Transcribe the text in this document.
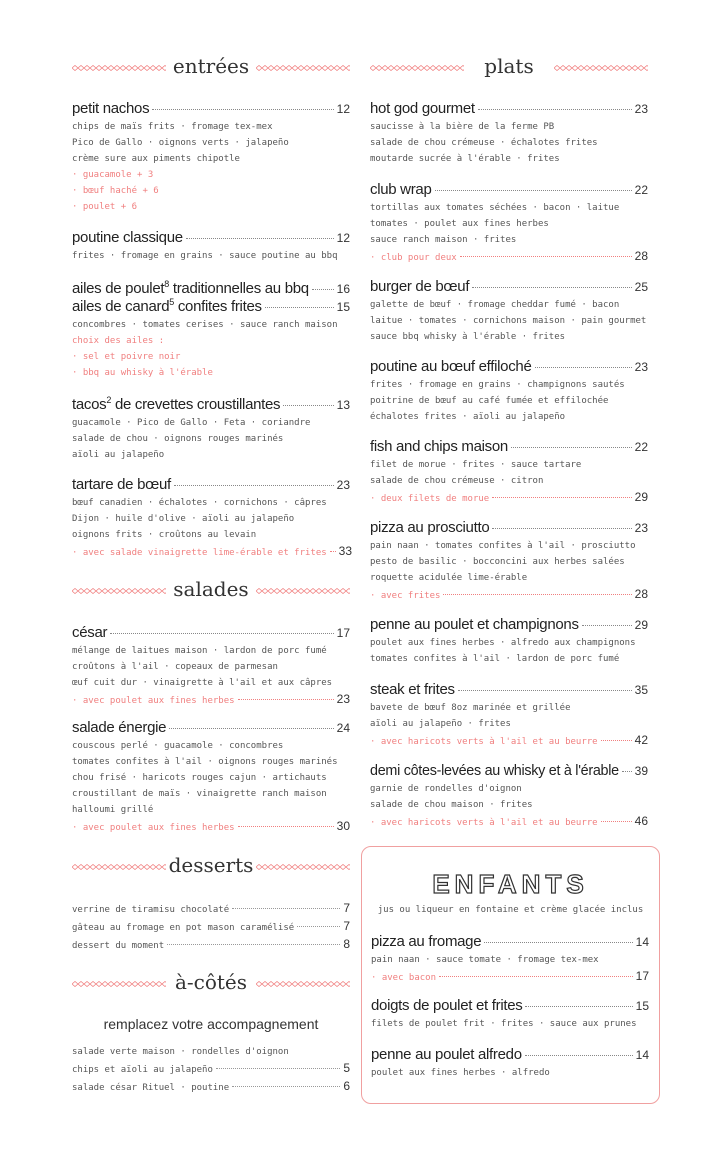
entrées
petit nachos	12
chips de maïs frits · fromage tex-mex
Pico de Gallo · oignons verts · jalapeño
crème sure aux piments chipotle
· guacamole + 3
· bœuf haché + 6
· poulet + 6
poutine classique	12
frites · fromage en grains · sauce poutine au bbq
ailes de poulet$^8$ traditionnelles au bbq 16
ailes de canard$^5$ confites frites	15
concombres · tomates cerises · sauce ranch maison
choix des ailes :
· sel et poivre noir
· bbq au whisky à l'érable
tacos$^2$ de crevettes croustillantes	13
guacamole · Pico de Gallo · Feta · coriandre
salade de chou · oignons rouges marinés
aïoli au jalapeño
tartare de bœuf	23
bœuf canadien · échalotes · cornichons · câpres
Dijon · huile d'olive · aïoli au jalapeño
oignons frits · croûtons au levain
· avec salade vinaigrette lime-érable et frites 33
salades
césar	17
mélange de laitues maison · lardon de porc fumé
croûtons à l'ail · copeaux de parmesan
œuf cuit dur · vinaigrette à l'ail et aux câpres
· avec poulet aux fines herbes	23
salade énergie	24
couscous perlé · guacamole · concombres
tomates confites à l'ail · oignons rouges marinés
chou frisé · haricots rouges cajun · artichauts
croustillant de maïs · vinaigrette ranch maison
halloumi grillé
· avec poulet aux fines herbes	30
desserts
verrine de tiramisu chocolaté	7
gâteau au fromage en pot mason caramélisé	7
dessert du moment	8
à-côtés
remplacez votre accompagnement
salade verte maison · rondelles d'oignon
chips et aïoli au jalapeño	5
salade césar Rituel · poutine	6
plats
hot god gourmet	23
saucisse à la bière de la ferme PB
salade de chou crémeuse · échalotes frites
moutarde sucrée à l'érable · frites
club wrap	22
tortillas aux tomates séchées · bacon · laitue
tomates · poulet aux fines herbes
sauce ranch maison · frites
· club pour deux	28
burger de bœuf	25
galette de bœuf · fromage cheddar fumé · bacon
laitue · tomates · cornichons maison · pain gourmet
sauce bbq whisky à l'érable · frites
poutine au bœuf effiloché	23
frites · fromage en grains · champignons sautés
poitrine de bœuf au café fumée et effilochée
échalotes frites · aïoli au jalapeño
fish and chips maison	22
filet de morue · frites · sauce tartare
salade de chou crémeuse · citron
· deux filets de morue	29
pizza au prosciutto	23
pain naan · tomates confites à l'ail · prosciutto
pesto de basilic · bocconcini aux herbes salées
roquette acidulée lime-érable
· avec frites	28
penne au poulet et champignons	29
poulet aux fines herbes · alfredo aux champignons
tomates confites à l'ail · lardon de porc fumé
steak et frites	35
bavete de bœuf 8oz marinée et grillée
aïoli au jalapeño · frites
· avec haricots verts à l'ail et au beurre	42
demi côtes-levées au whisky et à l'érable 39
garnie de rondelles d'oignon
salade de chou maison · frites
· avec haricots verts à l'ail et au beurre	46
ENFANTS
jus ou liqueur en fontaine et crème glacée inclus
pizza au fromage	14
pain naan · sauce tomate · fromage tex-mex
· avec bacon	17
doigts de poulet et frites	15
filets de poulet frit · frites · sauce aux prunes
penne au poulet alfredo	14
poulet aux fines herbes · alfredo
